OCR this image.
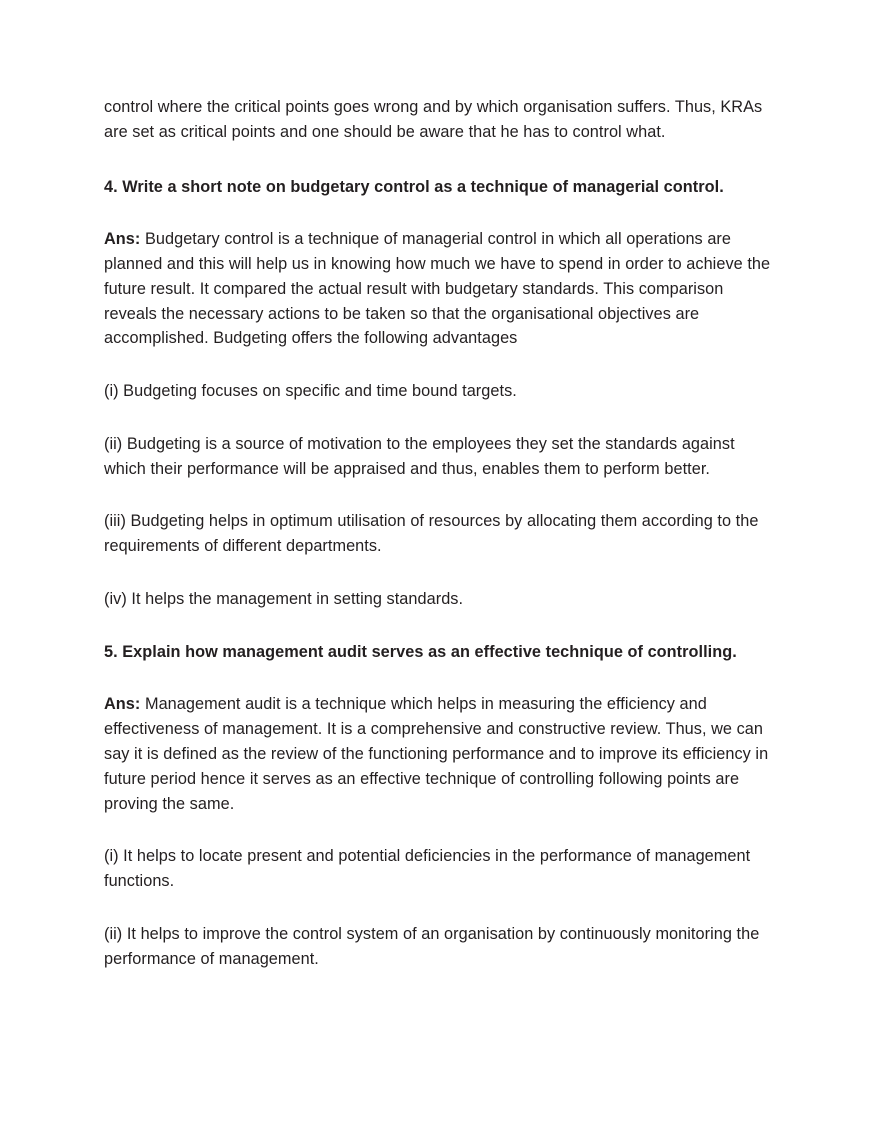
control where the critical points goes wrong and by which organisation suffers. Thus, KRAs are set as critical points and one should be aware that he has to control what.

4. Write a short note on budgetary control as a technique of managerial control.

Ans: Budgetary control is a technique of managerial control in which all operations are planned and this will help us in knowing how much we have to spend in order to achieve the future result. It compared the actual result with budgetary standards. This comparison reveals the necessary actions to be taken so that the organisational objectives are accomplished. Budgeting offers the following advantages

(i) Budgeting focuses on specific and time bound targets.

(ii) Budgeting is a source of motivation to the employees they set the standards against which their performance will be appraised and thus, enables them to perform better.

(iii) Budgeting helps in optimum utilisation of resources by allocating them according to the requirements of different departments.

(iv) It helps the management in setting standards.

5. Explain how management audit serves as an effective technique of controlling.

Ans: Management audit is a technique which helps in measuring the efficiency and effectiveness of management. It is a comprehensive and constructive review. Thus, we can say it is defined as the review of the functioning performance and to improve its efficiency in future period hence it serves as an effective technique of controlling following points are proving the same.

(i) It helps to locate present and potential deficiencies in the performance of management functions.

(ii) It helps to improve the control system of an organisation by continuously monitoring the performance of management.
